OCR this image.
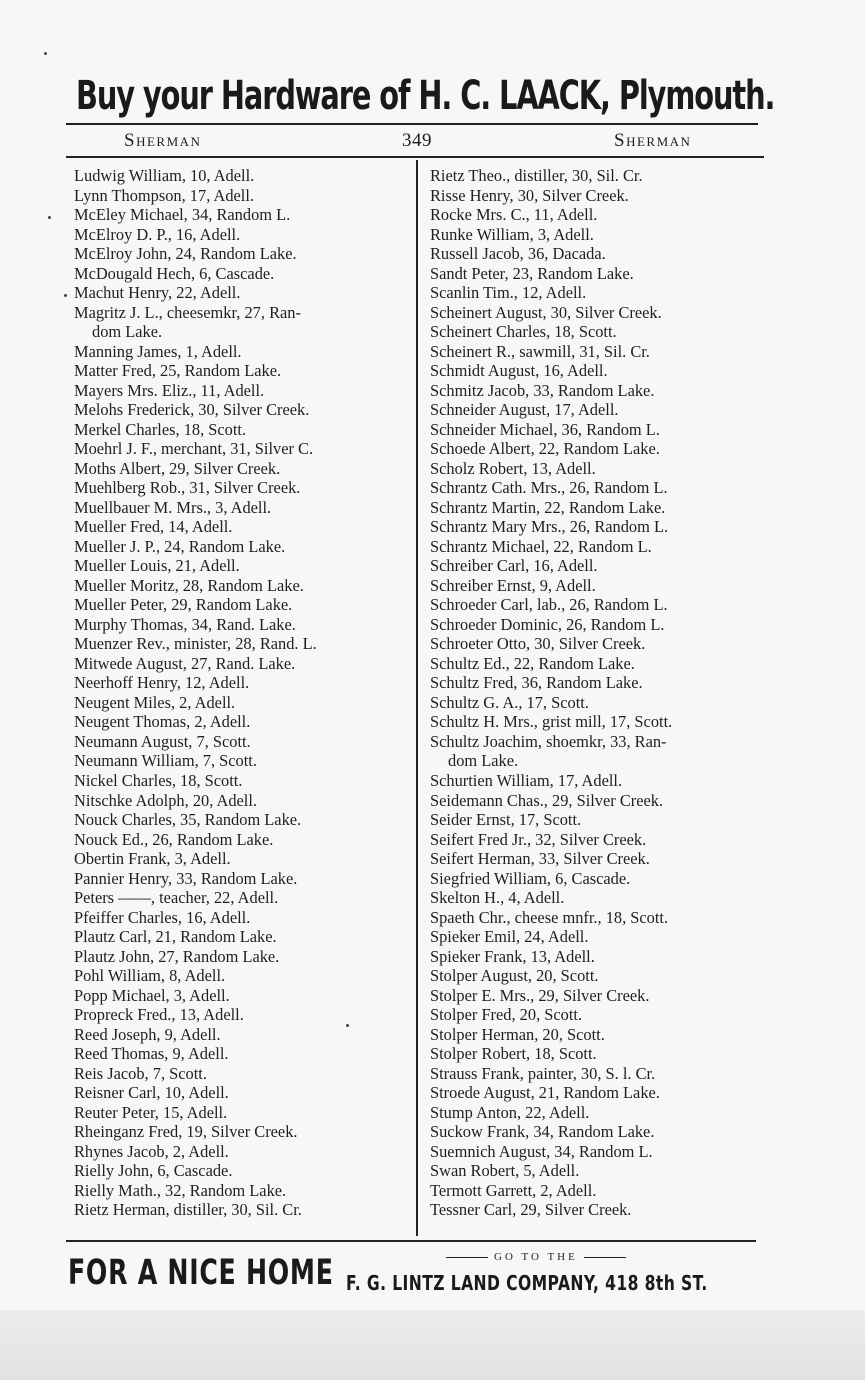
Buy your Hardware of H. C. LAACK, Plymouth.
Sherman	349	Sherman
Ludwig William, 10, Adell.
Lynn Thompson, 17, Adell.
McEley Michael, 34, Random L.
McElroy D. P., 16, Adell.
McElroy John, 24, Random Lake.
McDougald Hech, 6, Cascade.
Machut Henry, 22, Adell.
Magritz J. L., cheesemkr, 27, Ran-
dom Lake.
Manning James, 1, Adell.
Matter Fred, 25, Random Lake.
Mayers Mrs. Eliz., 11, Adell.
Melohs Frederick, 30, Silver Creek.
Merkel Charles, 18, Scott.
Moehrl J. F., merchant, 31, Silver C.
Moths Albert, 29, Silver Creek.
Muehlberg Rob., 31, Silver Creek.
Muellbauer M. Mrs., 3, Adell.
Mueller Fred, 14, Adell.
Mueller J. P., 24, Random Lake.
Mueller Louis, 21, Adell.
Mueller Moritz, 28, Random Lake.
Mueller Peter, 29, Random Lake.
Murphy Thomas, 34, Rand. Lake.
Muenzer Rev., minister, 28, Rand. L.
Mitwede August, 27, Rand. Lake.
Neerhoff Henry, 12, Adell.
Neugent Miles, 2, Adell.
Neugent Thomas, 2, Adell.
Neumann August, 7, Scott.
Neumann William, 7, Scott.
Nickel Charles, 18, Scott.
Nitschke Adolph, 20, Adell.
Nouck Charles, 35, Random Lake.
Nouck Ed., 26, Random Lake.
Obertin Frank, 3, Adell.
Pannier Henry, 33, Random Lake.
Peters ——, teacher, 22, Adell.
Pfeiffer Charles, 16, Adell.
Plautz Carl, 21, Random Lake.
Plautz John, 27, Random Lake.
Pohl William, 8, Adell.
Popp Michael, 3, Adell.
Propreck Fred., 13, Adell.
Reed Joseph, 9, Adell.
Reed Thomas, 9, Adell.
Reis Jacob, 7, Scott.
Reisner Carl, 10, Adell.
Reuter Peter, 15, Adell.
Rheinganz Fred, 19, Silver Creek.
Rhynes Jacob, 2, Adell.
Rielly John, 6, Cascade.
Rielly Math., 32, Random Lake.
Rietz Herman, distiller, 30, Sil. Cr.
Rietz Theo., distiller, 30, Sil. Cr.
Risse Henry, 30, Silver Creek.
Rocke Mrs. C., 11, Adell.
Runke William, 3, Adell.
Russell Jacob, 36, Dacada.
Sandt Peter, 23, Random Lake.
Scanlin Tim., 12, Adell.
Scheinert August, 30, Silver Creek.
Scheinert Charles, 18, Scott.
Scheinert R., sawmill, 31, Sil. Cr.
Schmidt August, 16, Adell.
Schmitz Jacob, 33, Random Lake.
Schneider August, 17, Adell.
Schneider Michael, 36, Random L.
Schoede Albert, 22, Random Lake.
Scholz Robert, 13, Adell.
Schrantz Cath. Mrs., 26, Random L.
Schrantz Martin, 22, Random Lake.
Schrantz Mary Mrs., 26, Random L.
Schrantz Michael, 22, Random L.
Schreiber Carl, 16, Adell.
Schreiber Ernst, 9, Adell.
Schroeder Carl, lab., 26, Random L.
Schroeder Dominic, 26, Random L.
Schroeter Otto, 30, Silver Creek.
Schultz Ed., 22, Random Lake.
Schultz Fred, 36, Random Lake.
Schultz G. A., 17, Scott.
Schultz H. Mrs., grist mill, 17, Scott.
Schultz Joachim, shoemkr, 33, Ran-
dom Lake.
Schurtien William, 17, Adell.
Seidemann Chas., 29, Silver Creek.
Seider Ernst, 17, Scott.
Seifert Fred Jr., 32, Silver Creek.
Seifert Herman, 33, Silver Creek.
Siegfried William, 6, Cascade.
Skelton H., 4, Adell.
Spaeth Chr., cheese mnfr., 18, Scott.
Spieker Emil, 24, Adell.
Spieker Frank, 13, Adell.
Stolper August, 20, Scott.
Stolper E. Mrs., 29, Silver Creek.
Stolper Fred, 20, Scott.
Stolper Herman, 20, Scott.
Stolper Robert, 18, Scott.
Strauss Frank, painter, 30, S. l. Cr.
Stroede August, 21, Random Lake.
Stump Anton, 22, Adell.
Suckow Frank, 34, Random Lake.
Suemnich August, 34, Random L.
Swan Robert, 5, Adell.
Termott Garrett, 2, Adell.
Tessner Carl, 29, Silver Creek.
FOR A NICE HOME	GO TO THE
F. G. LINTZ LAND COMPANY, 418 8th ST.
